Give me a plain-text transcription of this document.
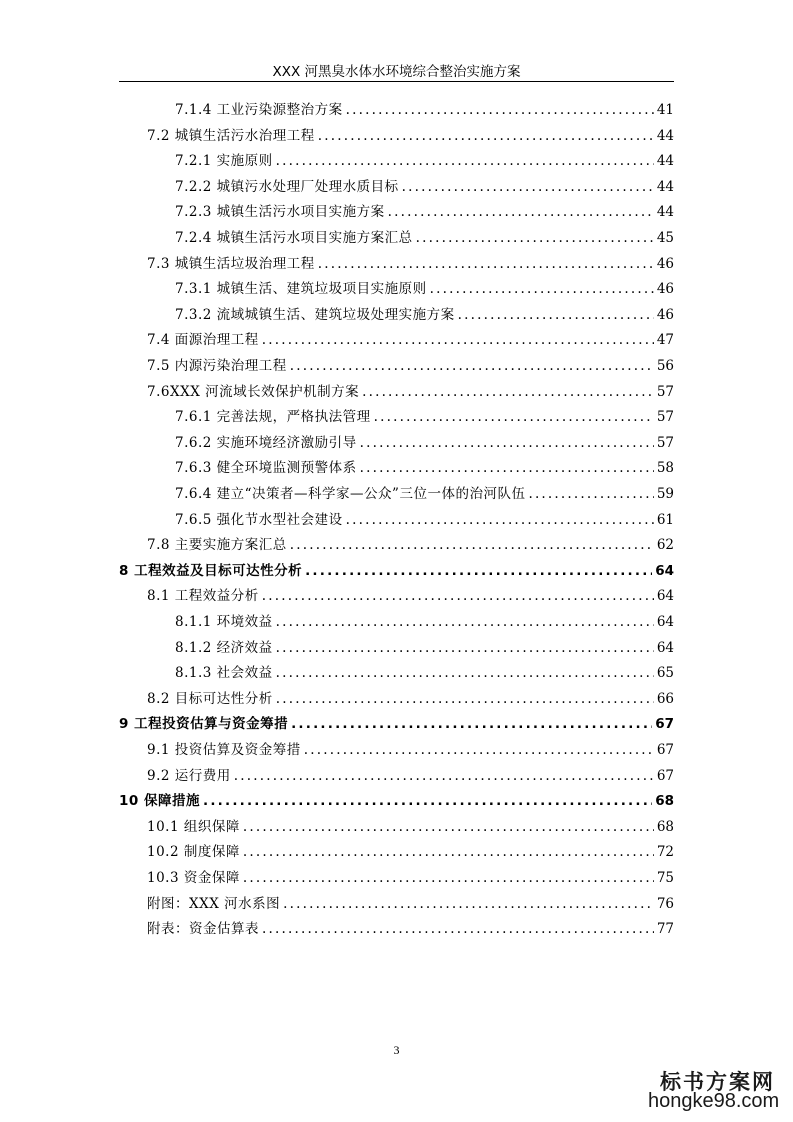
XXX 河黑臭水体水环境综合整治实施方案
7.1.4 工业污染源整治方案 .....	41
7.2 城镇生活污水治理工程 .....	44
7.2.1 实施原则 .....	44
7.2.2 城镇污水处理厂处理水质目标 .....	44
7.2.3 城镇生活污水项目实施方案 .....	44
7.2.4 城镇生活污水项目实施方案汇总 .....	45
7.3 城镇生活垃圾治理工程 .....	46
7.3.1 城镇生活、建筑垃圾项目实施原则 .....	46
7.3.2 流域城镇生活、建筑垃圾处理实施方案 .....	46
7.4 面源治理工程 .....	47
7.5 内源污染治理工程 .....	56
7.6XXX 河流域长效保护机制方案 .....	57
7.6.1 完善法规，严格执法管理 .....	57
7.6.2 实施环境经济激励引导 .....	57
7.6.3 健全环境监测预警体系 .....	58
7.6.4 建立“决策者—科学家—公众”三位一体的治河队伍 .....	59
7.6.5 强化节水型社会建设 .....	61
7.8 主要实施方案汇总 .....	62
8 工程效益及目标可达性分析 .....	64
8.1 工程效益分析 .....	64
8.1.1 环境效益 .....	64
8.1.2 经济效益 .....	64
8.1.3 社会效益 .....	65
8.2 目标可达性分析 .....	66
9 工程投资估算与资金筹措 .....	67
9.1 投资估算及资金筹措 .....	67
9.2 运行费用 .....	67
10 保障措施 .....	68
10.1 组织保障 .....	68
10.2 制度保障 .....	72
10.3 资金保障 .....	75
附图：XXX 河水系图 .....	76
附表：资金估算表 .....	77
3
标书方案网
hongke98.com
